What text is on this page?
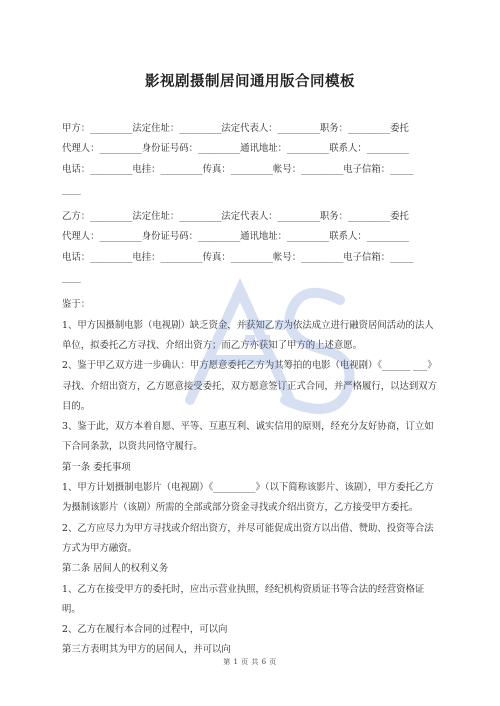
影视剧摄制居间通用版合同模板

甲方：_________法定住址：_________法定代表人：_________职务：_________委托

代理人：_________身份证号码：_________通讯地址：_________联系人：_________

电话：_________电挂：_________传真：_________帐号：_________电子信箱：_____

____

乙方：_________法定住址：_________法定代表人：_________职务：_________委托

代理人：_________身份证号码：_________通讯地址：_________联系人：_________

电话：_________电挂：_________传真：_________帐号：_________电子信箱：_____

____

鉴于：

1、甲方因摄制电影（电视剧）缺乏资金，并获知乙方为依法成立进行融资居间活动的法人单位，拟委托乙方寻找、介绍出资方；而乙方亦获知了甲方的上述意愿。

2、鉴于甲乙双方进一步确认：甲方愿意委托乙方为其筹拍的电影（电视剧）《______ ___》寻找、介绍出资方，乙方愿意接受委托，双方愿意签订正式合同，并严格履行，以达到双方目的。

3、鉴于此，双方本着自愿、平等、互惠互利、诚实信用的原则，经充分友好协商，订立如下合同条款，以资共同恪守履行。

第一条 委托事项

1、甲方计划摄制电影片（电视剧）《_________》（以下简称该影片、该剧），甲方委托乙方为摄制该影片（该剧）所需的全部或部分资金寻找或介绍出资方，乙方接受甲方委托。

2、乙方应尽力为甲方寻找或介绍出资方，并尽可能促成出资方以出借、赞助、投资等合法方式为甲方融资。

第二条 居间人的权利义务

1、乙方在接受甲方的委托时，应出示营业执照，经纪机构资质证书等合法的经营资格证明。

2、乙方在履行本合同的过程中，可以向

第三方表明其为甲方的居间人，并可以向

第 1 页 共 6 页
